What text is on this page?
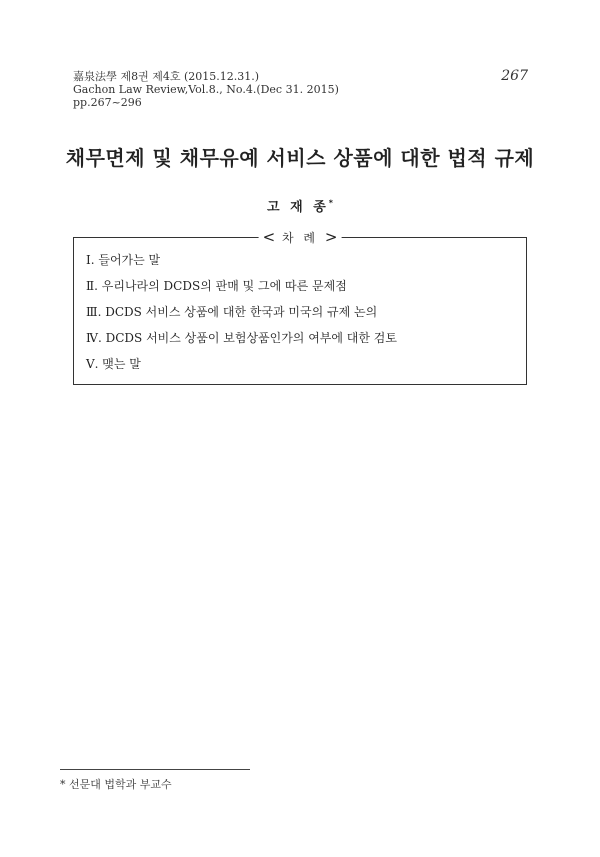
嘉泉法學 제8권 제4호 (2015.12.31.)
Gachon Law Review,Vol.8., No.4.(Dec 31. 2015)
pp.267~296
267
채무면제 및 채무유예 서비스 상품에 대한 법적 규제
고 재 종*
< 차 례 >
Ⅰ. 들어가는 말
Ⅱ. 우리나라의 DCDS의 판매 및 그에 따른 문제점
Ⅲ. DCDS 서비스 상품에 대한 한국과 미국의 규제 논의
Ⅳ. DCDS 서비스 상품이 보험상품인가의 여부에 대한 검토
Ⅴ. 맺는 말
* 선문대 법학과 부교수
